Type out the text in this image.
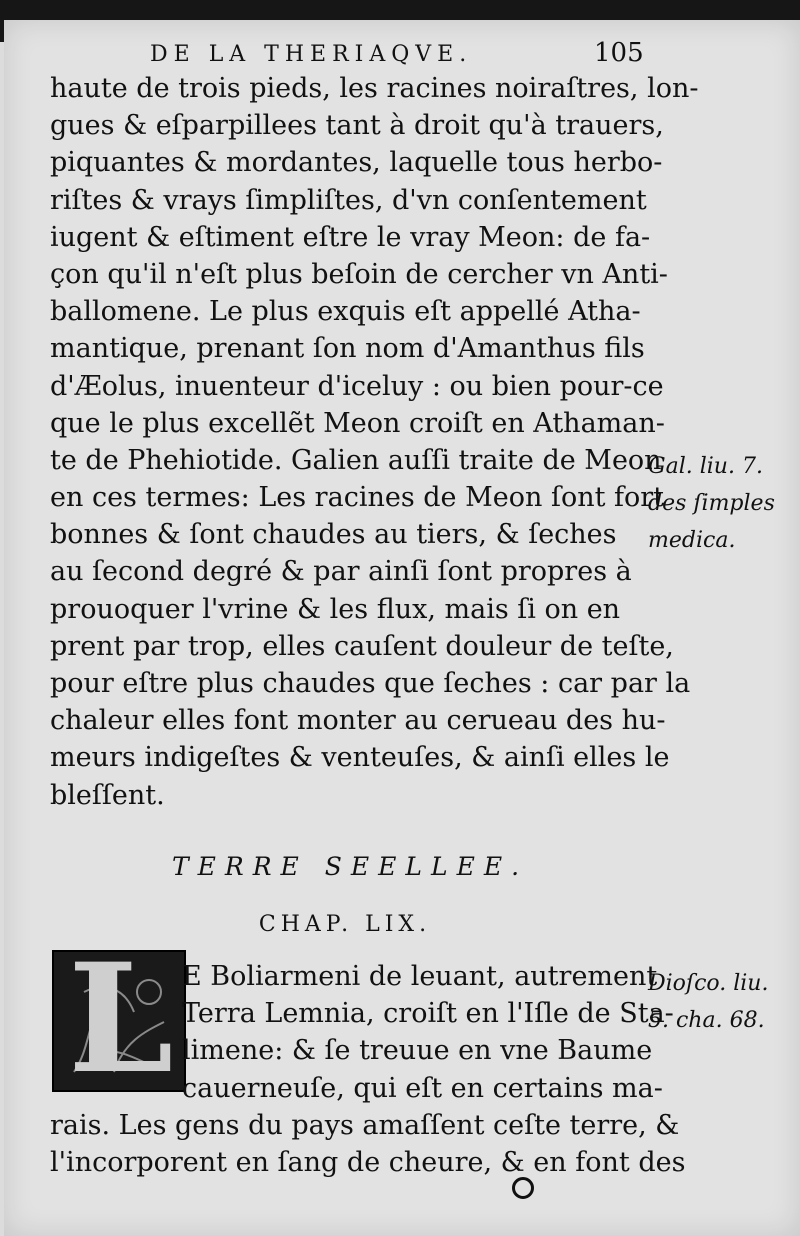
DE LA THERIAQVE.	105
haute de trois pieds, les racines noiraſtres, lon-
gues & eſparpillees tant à droit qu'à trauers,
piquantes & mordantes, laquelle tous herbo-
riſtes & vrays ſimpliſtes, d'vn conſentement
iugent & eſtiment eſtre le vray Meon: de fa-
çon qu'il n'eſt plus beſoin de cercher vn Anti-
ballomene. Le plus exquis eſt appellé Atha-
mantique, prenant ſon nom d'Amanthus fils
d'Æolus, inuenteur d'iceluy : ou bien pour-ce
que le plus excellẽt Meon croiſt en Athaman-
te de Phehiotide. Galien auſſi traite de Meon
en ces termes: Les racines de Meon ſont fort
bonnes & ſont chaudes au tiers, & ſeches
au ſecond degré & par ainſi ſont propres à
prouoquer l'vrine & les flux, mais ſi on en
prent par trop, elles cauſent douleur de teſte,
pour eſtre plus chaudes que ſeches : car par la
chaleur elles font monter au cerueau des hu-
meurs indigeſtes & venteuſes, & ainſi elles le
bleſſent.
Gal. liu. 7.
des ſimples
medica.
TERRE SEELLEE.
CHAP. LIX.
L E Boliarmeni de leuant, autrement
Terra Lemnia, croiſt en l'Iſle de Sta-
limene: & ſe treuue en vne Baume
cauerneuſe, qui eſt en certains ma-
rais. Les gens du pays amaſſent ceſte terre, &
l'incorporent en ſang de cheure, & en font des
Dioſco. liu.
5. cha. 68.
